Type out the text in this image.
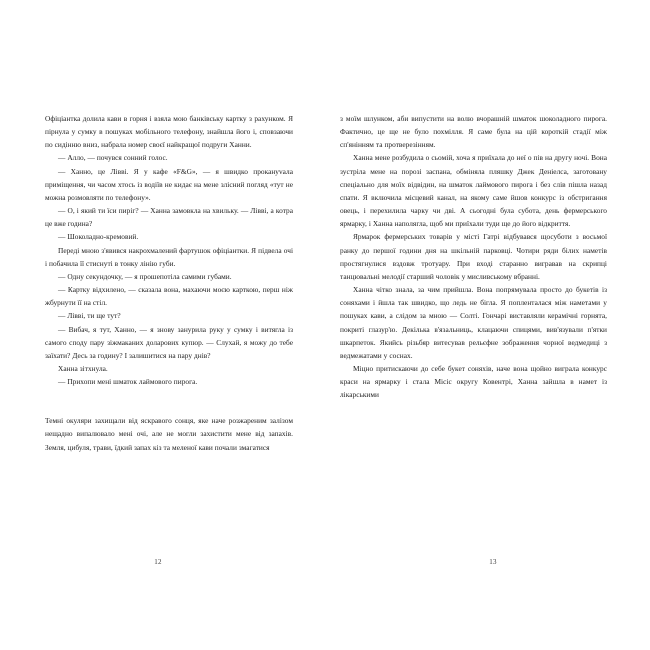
Офіціантка долила кави в горня і взяла мою банківську картку з рахунком. Я пірнула у сумку в пошуках мобільного телефону, знайшла його і, сповзаючи по сидінню вниз, набрала номер своєї найкращої подруги Ханни.

— Алло, — почувся сонний голос.

— Ханно, це Лівві. Я у кафе «F&G», — я швидко прокануvала приміщення, чи часом хтось із водіїв не кидає на мене злісний погляд «тут не можна розмовляти по телефону».

— О, і який ти їси пиріг? — Ханна замовкла на хвильку. — Лівві, а котра це вже година?

— Шоколадно-кремовий.

Переді мною з'явився накрохмалений фартушок офіціантки. Я підвела очі і побачила її стиснуті в тонку лінію губи.

— Одну секундочку, — я прошепотіла самими губами.

— Картку відхилено, — сказала вона, махаючи моєю карткою, перш ніж жбурнути її на стіл.

— Лівві, ти ще тут?

— Вибач, я тут, Ханно, — я знову занурила руку у сумку і витягла із самого споду пару зіжмаканих доларових купюр. — Слухай, я можу до тебе заїхати? Десь за годину? І залишитися на пару днів?

Ханна зітхнула.

— Прихопи мені шматок лаймового пирога.

Темні окуляри захищали від яскравого сонця, яке наче розжареним залізом нещадно випалювало мені очі, але не могли захистити мене від запахів. Земля, цибуля, трави, їдкий запах кіз та меленої кави почали змагатися

12

з моїм шлунком, аби випустити на волю вчорашній шматок шоколадного пирога. Фактично, це ще не було похмілля. Я саме була на цій короткій стадії між сп'янінням та протверезінням.

Ханна мене розбудила о сьомій, хоча я приїхала до неї о пів на другу ночі. Вона зустріла мене на порозі заспана, обміняла пляшку Джек Деніелса, заготовану спеціально для моїх відвідин, на шматок лаймового пирога і без слів пішла назад спати. Я включила місцевий канал, на якому саме йшов конкурс із обстригання овець, і перехилила чарку чи дві. А сьогодні була субота, день фермерського ярмарку, і Ханна наполягла, щоб ми приїхали туди ще до його відкриття.

Ярмарок фермерських товарів у місті Гатрі відбувався щосуботи з восьмої ранку до першої години дня на шкільній парковці. Чотири ряди білих наметів простягнулися вздовж тротуару. При вході старанно вигравав на скрипці танцювальні мелодії старший чоловік у мисливському вбранні.

Ханна чітко знала, за чим прийшла. Вона попрямувала просто до букетів із соняхами і йшла так швидко, що ледь не бігла. Я попленталася між наметами у пошуках кави, а слідом за мною — Солті. Гончарі виставляли керамічні горнята, покриті глазур'ю. Декілька в'язальниць, клацаючи спицями, вив'язували п'ятки шкарпеток. Якийсь різьбяр витесував рельєфне зображення чорної ведмедиці з ведмежатами у соснах.

Міцно притискаючи до себе букет соняхів, наче вона щойно виграла конкурс краси на ярмарку і стала Місіс округу Ковентрі, Ханна зайшла в намет із лікарськими

13
